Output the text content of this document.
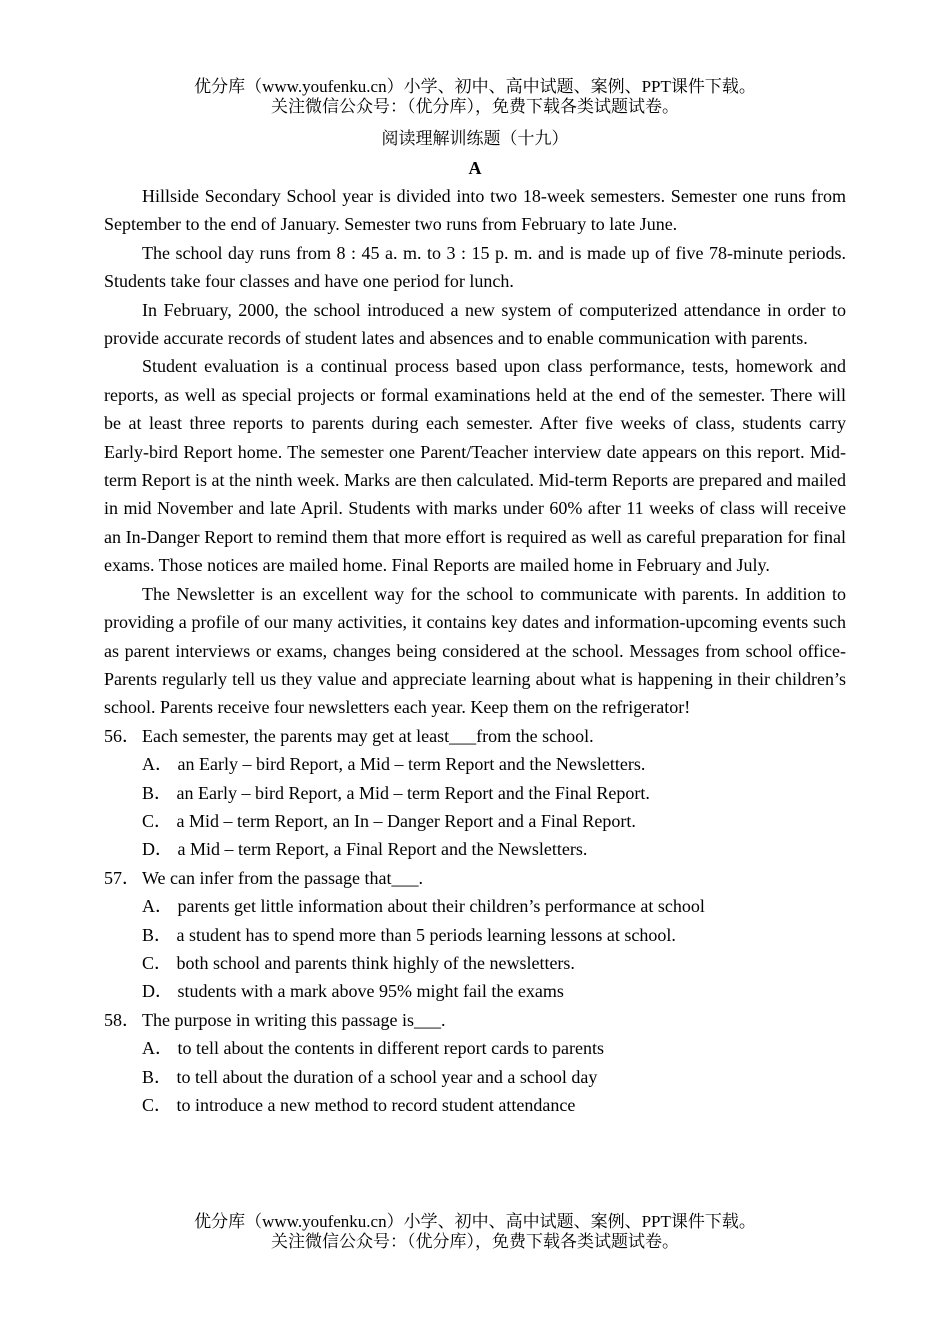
优分库（www.youfenku.cn）小学、初中、高中试题、案例、PPT课件下载。
关注微信公众号：（优分库），免费下载各类试题试卷。
阅读理解训练题（十九）
A

Hillside Secondary School year is divided into two 18-week semesters. Semester one runs from September to the end of January. Semester two runs from February to late June.

The school day runs from 8 : 45 a. m. to 3 : 15 p. m. and is made up of five 78-minute periods. Students take four classes and have one period for lunch.

In February, 2000, the school introduced a new system of computerized attendance in order to provide accurate records of student lates and absences and to enable communication with parents.

Student evaluation is a continual process based upon class performance, tests, homework and reports, as well as special projects or formal examinations held at the end of the semester. There will be at least three reports to parents during each semester. After five weeks of class, students carry Early-bird Report home. The semester one Parent/Teacher interview date appears on this report. Mid-term Report is at the ninth week. Marks are then calculated. Mid-term Reports are prepared and mailed in mid November and late April. Students with marks under 60% after 11 weeks of class will receive an In-Danger Report to remind them that more effort is required as well as careful preparation for final exams. Those notices are mailed home. Final Reports are mailed home in February and July.

The Newsletter is an excellent way for the school to communicate with parents. In addition to providing a profile of our many activities, it contains key dates and information-upcoming events such as parent interviews or exams, changes being considered at the school. Messages from school office-Parents regularly tell us they value and appreciate learning about what is happening in their children’s school. Parents receive four newsletters each year. Keep them on the refrigerator!

56． Each semester, the parents may get at least___from the school.

A． an Early – bird Report, a Mid – term Report and the Newsletters.

B． an Early – bird Report, a Mid – term Report and the Final Report.

C． a Mid – term Report, an In – Danger Report and a Final Report.

D． a Mid – term Report, a Final Report and the Newsletters.

57． We can infer from the passage that___.

A． parents get little information about their children’s performance at school

B． a student has to spend more than 5 periods learning lessons at school.

C． both school and parents think highly of the newsletters.

D． students with a mark above 95% might fail the exams

58． The purpose in writing this passage is___.

A． to tell about the contents in different report cards to parents

B． to tell about the duration of a school year and a school day

C． to introduce a new method to record student attendance

优分库（www.youfenku.cn）小学、初中、高中试题、案例、PPT课件下载。
关注微信公众号：（优分库），免费下载各类试题试卷。
